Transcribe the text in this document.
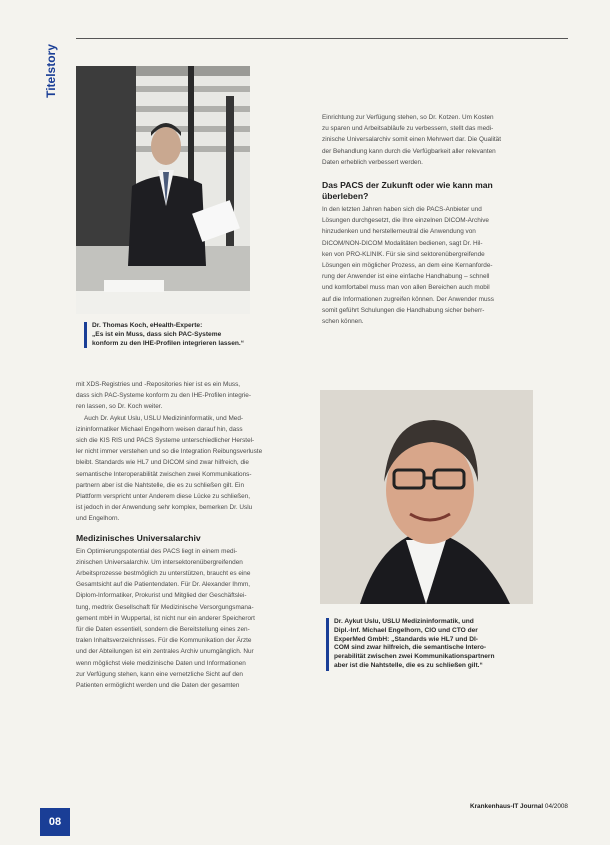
Titelstory
Dr. Thomas Koch, eHealth-Experte:
„Es ist ein Muss, dass sich PAC-Systeme
konform zu den IHE-Profilen integrieren lassen.“

Einrichtung zur Verfügung stehen, so Dr. Kotzen. Um Kosten

zu sparen und Arbeitsabläufe zu verbessern, stellt das medi-

zinische Universalarchiv somit einen Mehrwert dar. Die Qualität

der Behandlung kann durch die Verfügbarkeit aller relevanten

Daten erheblich verbessert werden.

Das PACS der Zukunft oder wie kann man
überleben?

In den letzten Jahren haben sich die PACS-Anbieter und

Lösungen durchgesetzt, die Ihre einzelnen DICOM-Archive

hinzudenken und herstellerneutral die Anwendung von

DICOM/NON-DICOM Modalitäten bedienen, sagt Dr. Hil-

ken von PRO-KLINIK. Für sie sind sektorenübergreifende

Lösungen ein möglicher Prozess, an dem eine Kernanforde-

rung der Anwender ist eine einfache Handhabung – schnell

und komfortabel muss man von allen Bereichen auch mobil

auf die Informationen zugreifen können. Der Anwender muss

somit geführt Schulungen die Handhabung sicher beherr-

schen können.

mit XDS-Registries und -Repositories hier ist es ein Muss,

dass sich PAC-Systeme konform zu den IHE-Profilen integrie-

ren lassen, so Dr. Koch weiter.

Auch Dr. Aykut Uslu, USLU Medizininformatik, und Med-

izininformatiker Michael Engelhorn weisen darauf hin, dass

sich die KIS RIS und PACS Systeme unterschiedlicher Herstel-

ler nicht immer verstehen und so die Integration Reibungsverluste

bleibt. Standards wie HL7 und DICOM sind zwar hilfreich, die

semantische Interoperabilität zwischen zwei Kommunikations-

partnern aber ist die Nahtstelle, die es zu schließen gilt. Ein

Plattform verspricht unter Anderem diese Lücke zu schließen,

ist jedoch in der Anwendung sehr komplex, bemerken Dr. Uslu

und Engelhorn.

Medizinisches Universalarchiv

Ein Optimierungspotential des PACS liegt in einem medi-

zinischen Universalarchiv. Um intersektorenübergreifenden

Arbeitsprozesse bestmöglich zu unterstützen, braucht es eine

Gesamtsicht auf die Patientendaten. Für Dr. Alexander Ihmm,

Diplom-Informatiker, Prokurist und Mitglied der Geschäftslei-

tung, medtrix Gesellschaft für Medizinische Versorgungsmana-

gement mbH in Wuppertal, ist nicht nur ein anderer Speicherort

für die Daten essentiell, sondern die Bereitstellung eines zen-

tralen Inhaltsverzeichnisses. Für die Kommunikation der Ärzte

und der Abteilungen ist ein zentrales Archiv unumgänglich. Nur

wenn möglichst viele medizinische Daten und Informationen

zur Verfügung stehen, kann eine vernetzliche Sicht auf den

Patienten ermöglicht werden und die Daten der gesamten

Dr. Aykut Uslu, USLU Medizininformatik, und
Dipl.-Inf. Michael Engelhorn, CIO und CTO der
ExperMed GmbH: „Standards wie HL7 und DI-
COM sind zwar hilfreich, die semantische Intero-
perabilität zwischen zwei Kommunikationspartnern
aber ist die Nahtstelle, die es zu schließen gilt.“
08
Krankenhaus-IT Journal 04/2008
